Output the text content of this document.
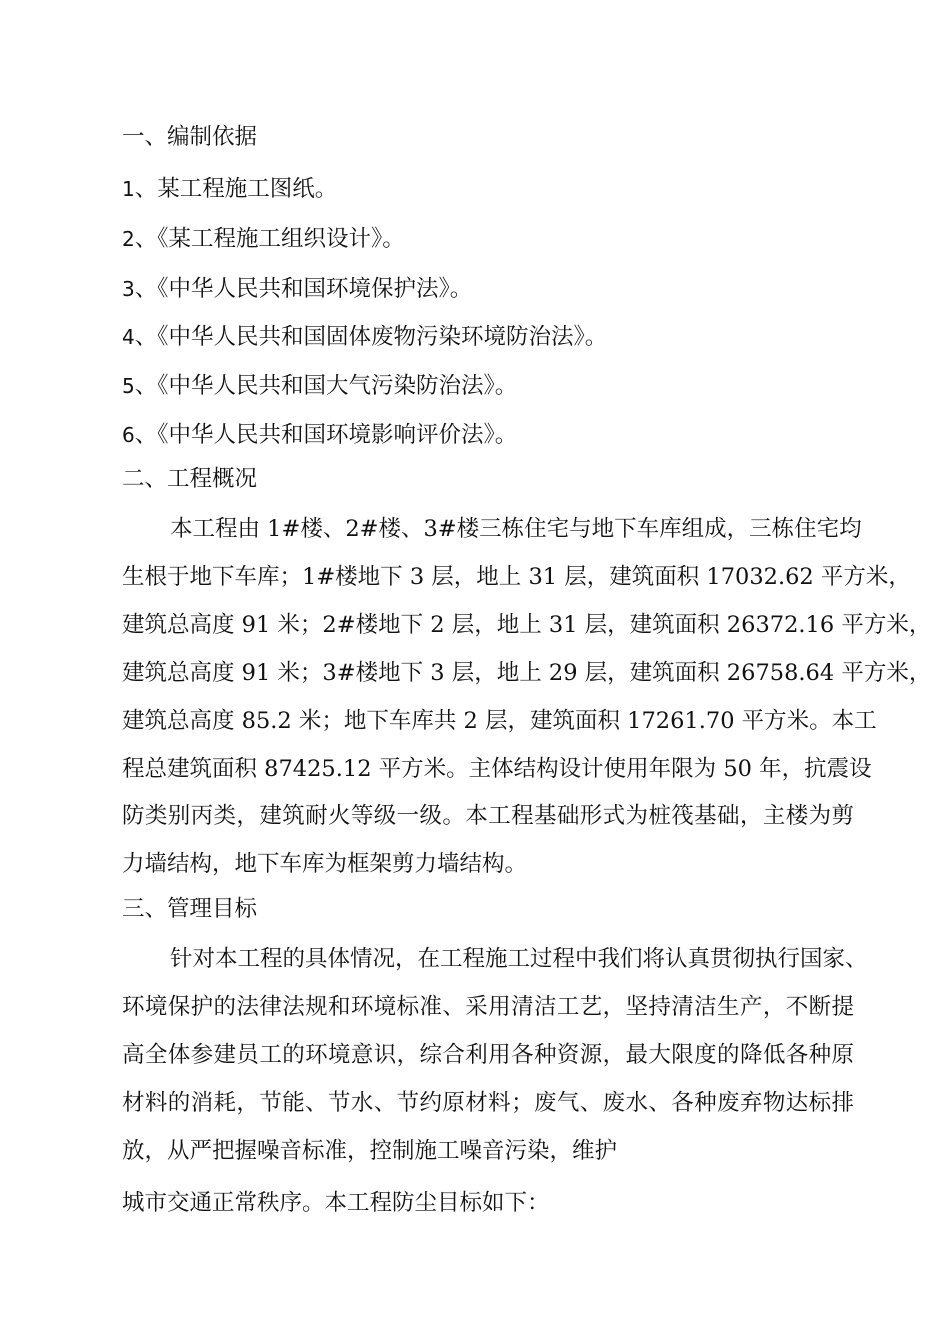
一、编制依据

1、某工程施工图纸。

2、《某工程施工组织设计》。

3、《中华人民共和国环境保护法》。

4、《中华人民共和国固体废物污染环境防治法》。

5、《中华人民共和国大气污染防治法》。

6、《中华人民共和国环境影响评价法》。

二、工程概况

本工程由 1#楼、2#楼、3#楼三栋住宅与地下车库组成，三栋住宅均

生根于地下车库；1#楼地下 3 层，地上 31 层，建筑面积 17032.62 平方米，

建筑总高度 91 米；2#楼地下 2 层，地上 31 层，建筑面积 26372.16 平方米，

建筑总高度 91 米；3#楼地下 3 层，地上 29 层，建筑面积 26758.64 平方米，

建筑总高度 85.2 米；地下车库共 2 层，建筑面积 17261.70 平方米。本工

程总建筑面积 87425.12 平方米。主体结构设计使用年限为 50 年，抗震设

防类别丙类，建筑耐火等级一级。本工程基础形式为桩筏基础，主楼为剪

力墙结构，地下车库为框架剪力墙结构。

三、管理目标

针对本工程的具体情况，在工程施工过程中我们将认真贯彻执行国家、

环境保护的法律法规和环境标准、采用清洁工艺，坚持清洁生产，不断提

高全体参建员工的环境意识，综合利用各种资源，最大限度的降低各种原

材料的消耗，节能、节水、节约原材料；废气、废水、各种废弃物达标排

放，从严把握噪音标准，控制施工噪音污染，维护

城市交通正常秩序。本工程防尘目标如下：
